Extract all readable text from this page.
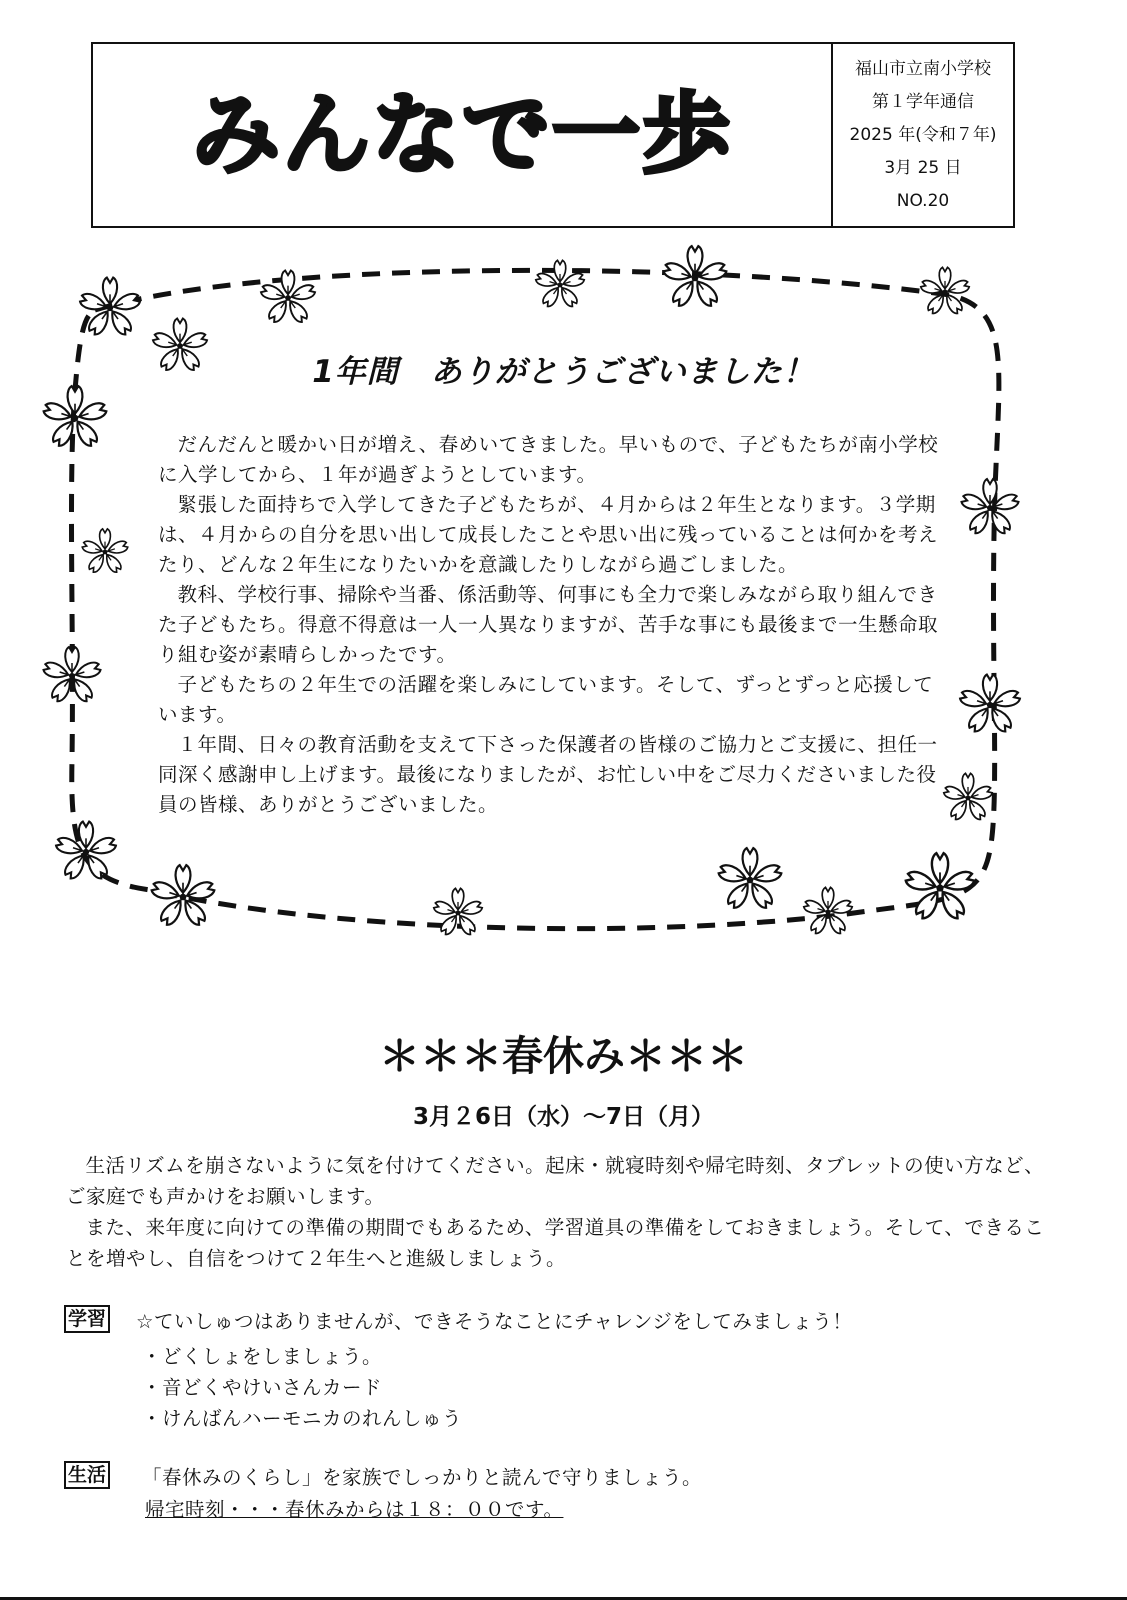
みんなで一歩
福山市立南小学校
第１学年通信
2025 年(令和７年)
3月 25 日
NO.20
1年間　ありがとうございました！

だんだんと暖かい日が増え、春めいてきました。早いもので、子どもたちが南小学校に入学してから、１年が過ぎようとしています。

緊張した面持ちで入学してきた子どもたちが、４月からは２年生となります。３学期は、４月からの自分を思い出して成長したことや思い出に残っていることは何かを考えたり、どんな２年生になりたいかを意識したりしながら過ごしました。

教科、学校行事、掃除や当番、係活動等、何事にも全力で楽しみながら取り組んできた子どもたち。得意不得意は一人一人異なりますが、苦手な事にも最後まで一生懸命取り組む姿が素晴らしかったです。

子どもたちの２年生での活躍を楽しみにしています。そして、ずっとずっと応援しています。

１年間、日々の教育活動を支えて下さった保護者の皆様のご協力とご支援に、担任一同深く感謝申し上げます。最後になりましたが、お忙しい中をご尽力くださいました役員の皆様、ありがとうございました。

＊＊＊春休み＊＊＊
3月２6日（水）～7日（月）

生活リズムを崩さないように気を付けてください。起床・就寝時刻や帰宅時刻、タブレットの使い方など、ご家庭でも声かけをお願いします。

また、来年度に向けての準備の期間でもあるため、学習道具の準備をしておきましょう。そして、できることを増やし、自信をつけて２年生へと進級しましょう。

学習 ☆ていしゅつはありませんが、できそうなことにチャレンジをしてみましょう！
・どくしょをしましょう。
・音どくやけいさんカード
・けんばんハーモニカのれんしゅう
生活 「春休みのくらし」を家族でしっかりと読んで守りましょう。
帰宅時刻・・・春休みからは１８：００です。
